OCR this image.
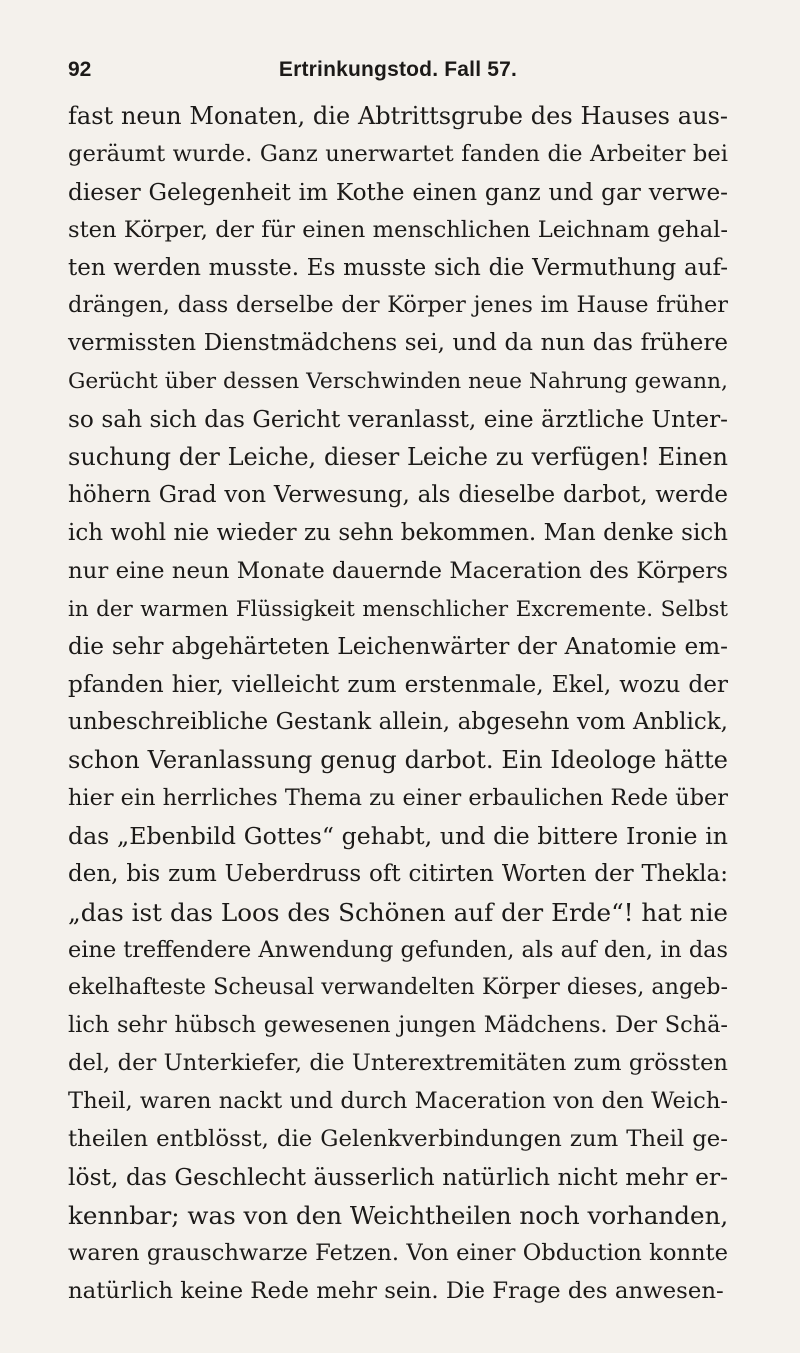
92	Ertrinkungstod. Fall 57.
fast neun Monaten, die Abtrittsgrube des Hauses aus-
geräumt wurde. Ganz unerwartet fanden die Arbeiter bei
dieser Gelegenheit im Kothe einen ganz und gar verwe-
sten Körper, der für einen menschlichen Leichnam gehal-
ten werden musste. Es musste sich die Vermuthung auf-
drängen, dass derselbe der Körper jenes im Hause früher
vermissten Dienstmädchens sei, und da nun das frühere
Gerücht über dessen Verschwinden neue Nahrung gewann,
so sah sich das Gericht veranlasst, eine ärztliche Unter-
suchung der Leiche, dieser Leiche zu verfügen! Einen
höhern Grad von Verwesung, als dieselbe darbot, werde
ich wohl nie wieder zu sehn bekommen. Man denke sich
nur eine neun Monate dauernde Maceration des Körpers
in der warmen Flüssigkeit menschlicher Excremente. Selbst
die sehr abgehärteten Leichenwärter der Anatomie em-
pfanden hier, vielleicht zum erstenmale, Ekel, wozu der
unbeschreibliche Gestank allein, abgesehn vom Anblick,
schon Veranlassung genug darbot. Ein Ideologe hätte
hier ein herrliches Thema zu einer erbaulichen Rede über
das „Ebenbild Gottes“ gehabt, und die bittere Ironie in
den, bis zum Ueberdruss oft citirten Worten der Thekla:
„das ist das Loos des Schönen auf der Erde“! hat nie
eine treffendere Anwendung gefunden, als auf den, in das
ekelhafteste Scheusal verwandelten Körper dieses, angeb-
lich sehr hübsch gewesenen jungen Mädchens. Der Schä-
del, der Unterkiefer, die Unterextremitäten zum grössten
Theil, waren nackt und durch Maceration von den Weich-
theilen entblösst, die Gelenkverbindungen zum Theil ge-
löst, das Geschlecht äusserlich natürlich nicht mehr er-
kennbar; was von den Weichtheilen noch vorhanden,
waren grauschwarze Fetzen. Von einer Obduction konnte
natürlich keine Rede mehr sein. Die Frage des anwesen-
